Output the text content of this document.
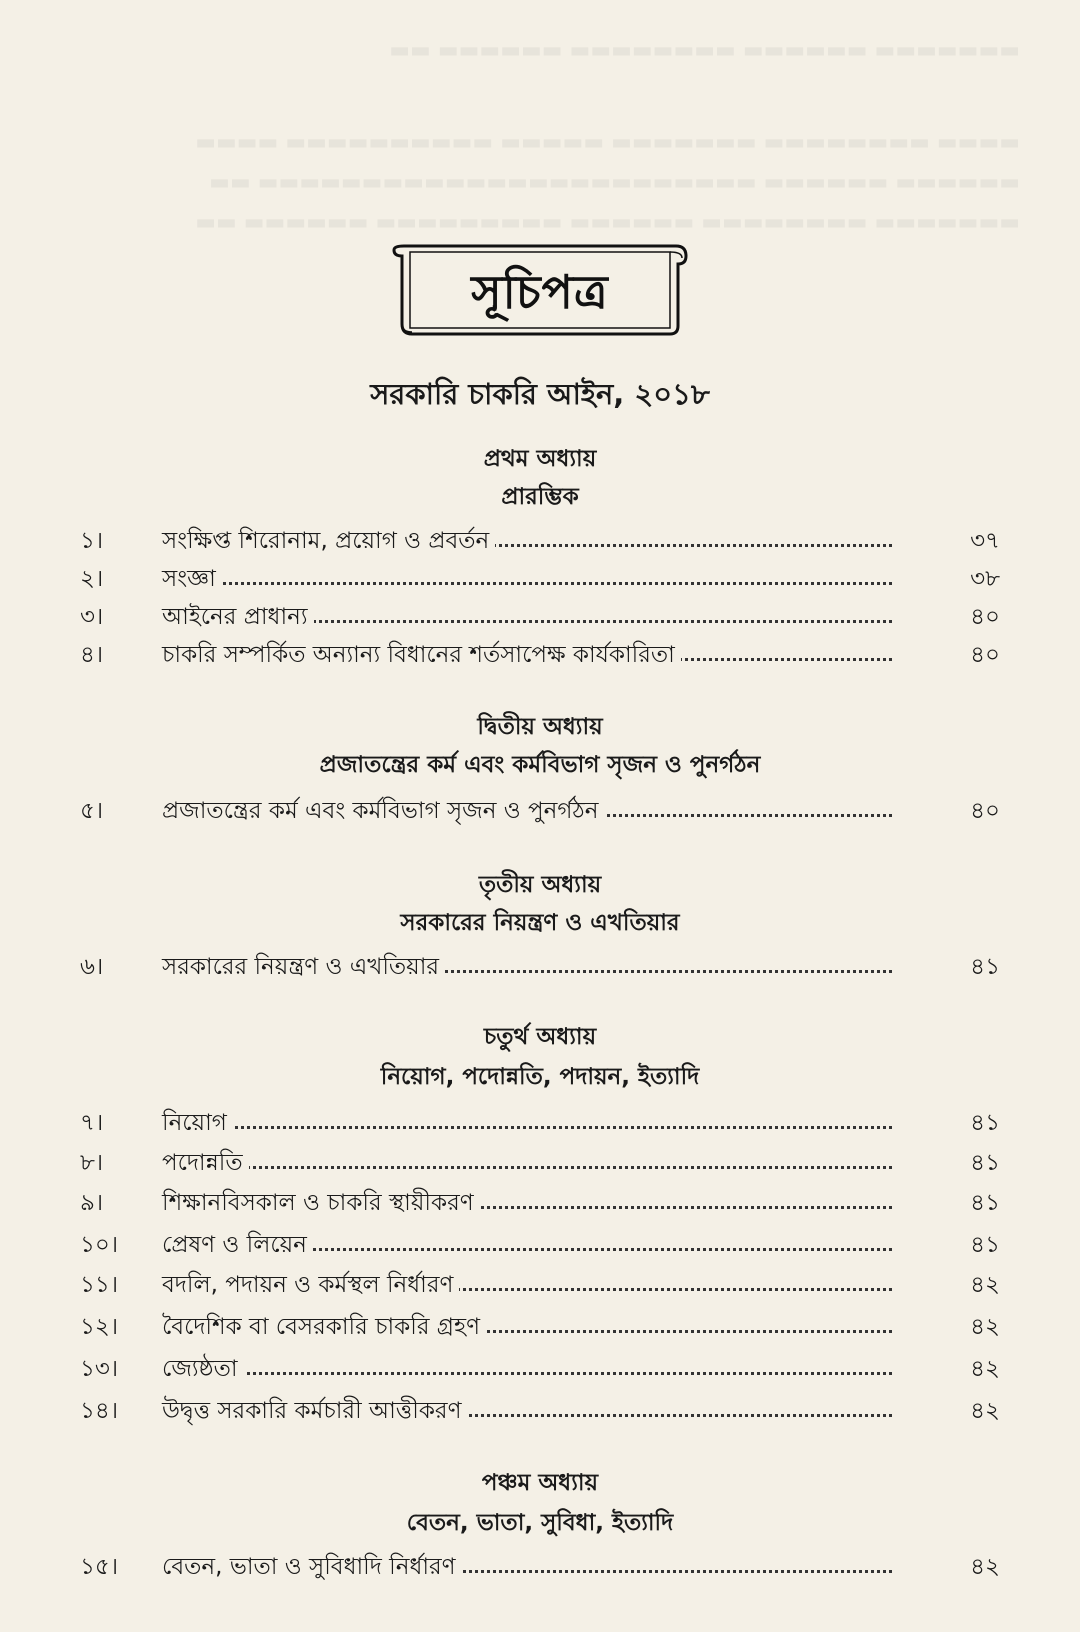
▬▬▬▬▬▬▬ ▬▬▬▬▬▬ ▬▬▬▬▬▬▬▬ ▬▬▬▬▬▬ ▬▬
▬▬▬▬ ▬▬▬▬▬▬▬▬ ▬▬▬▬▬▬▬ ▬▬▬▬▬ ▬▬▬▬▬▬▬▬▬▬ ▬▬▬▬
▬▬▬▬▬▬ ▬▬▬▬▬▬ ▬▬▬▬▬▬▬▬▬▬▬▬▬▬▬▬▬▬▬▬▬▬▬▬ ▬▬
▬▬▬▬▬▬▬ ▬▬▬▬▬▬▬▬ ▬▬▬▬▬▬ ▬▬▬▬▬▬▬▬▬ ▬▬▬▬▬▬ ▬▬
সূচিপত্র
সরকারি চাকরি আইন, ২০১৮
প্রথম অধ্যায়
প্রারম্ভিক
১।	সংক্ষিপ্ত শিরোনাম, প্রয়োগ ও প্রবর্তন	৩৭
২।	সংজ্ঞা	৩৮
৩।	আইনের প্রাধান্য	৪০
৪।	চাকরি সম্পর্কিত অন্যান্য বিধানের শর্তসাপেক্ষ কার্যকারিতা	৪০
দ্বিতীয় অধ্যায়
প্রজাতন্ত্রের কর্ম এবং কর্মবিভাগ সৃজন ও পুনর্গঠন
৫।	প্রজাতন্ত্রের কর্ম এবং কর্মবিভাগ সৃজন ও পুনর্গঠন	৪০
তৃতীয় অধ্যায়
সরকারের নিয়ন্ত্রণ ও এখতিয়ার
৬।	সরকারের নিয়ন্ত্রণ ও এখতিয়ার	৪১
চতুর্থ অধ্যায়
নিয়োগ, পদোন্নতি, পদায়ন, ইত্যাদি
৭।	নিয়োগ	৪১
৮।	পদোন্নতি	৪১
৯।	শিক্ষানবিসকাল ও চাকরি স্থায়ীকরণ	৪১
১০।	প্রেষণ ও লিয়েন	৪১
১১।	বদলি, পদায়ন ও কর্মস্থল নির্ধারণ	৪২
১২।	বৈদেশিক বা বেসরকারি চাকরি গ্রহণ	৪২
১৩।	জ্যেষ্ঠতা	৪২
১৪।	উদ্বৃত্ত সরকারি কর্মচারী আত্তীকরণ	৪২
পঞ্চম অধ্যায়
বেতন, ভাতা, সুবিধা, ইত্যাদি
১৫।	বেতন, ভাতা ও সুবিধাদি নির্ধারণ	৪২
